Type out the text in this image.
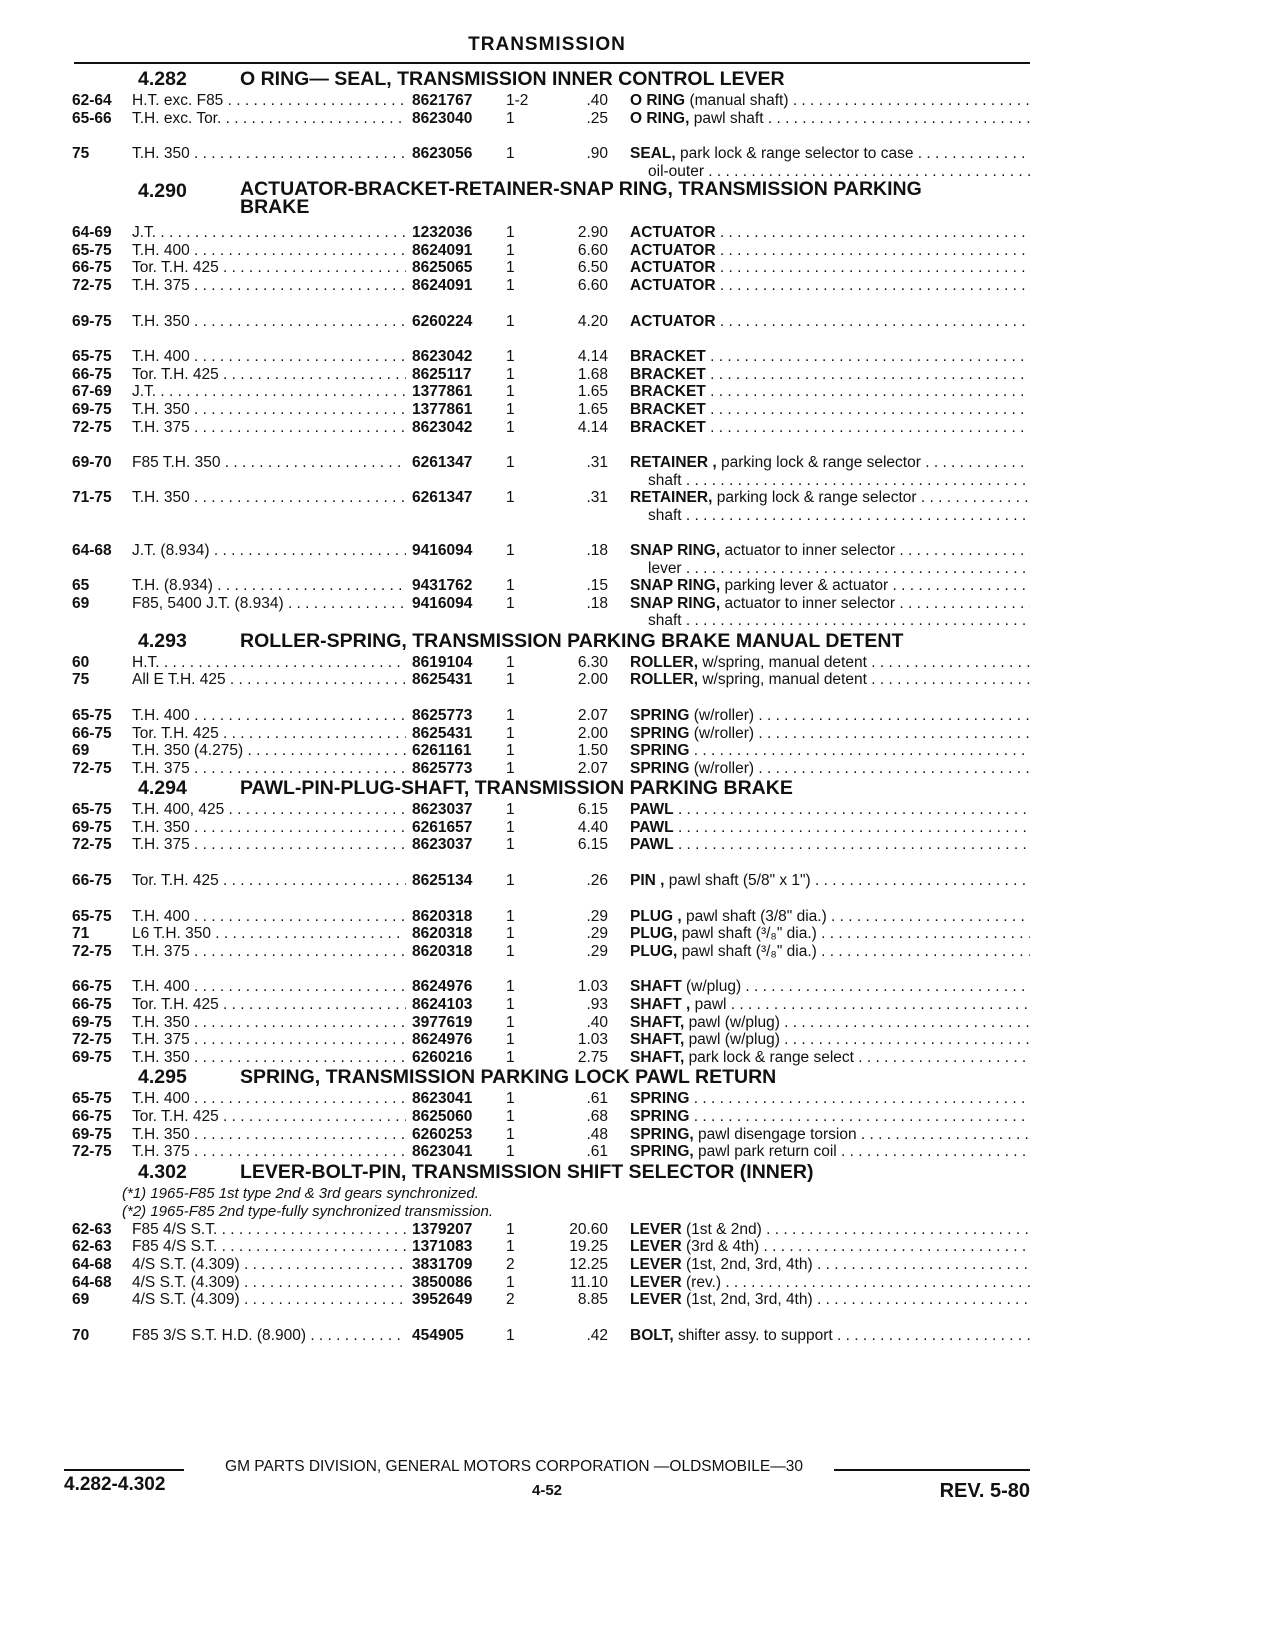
TRANSMISSION
4.282	O RING— SEAL, TRANSMISSION INNER CONTROL LEVER
62-64	H.T. exc. F85 . . .	8621767	1-2	.40 O RING (manual shaft) . . .
65-66	T.H. exc. Tor. . . .	8623040	1	.25 O RING, pawl shaft . . .
75	T.H. 350 . . .	8623056	1	.90 SEAL, park lock & range selector to case . . .
oil-outer . . .
4.290	ACTUATOR-BRACKET-RETAINER-SNAP RING, TRANSMISSION PARKING BRAKE
64-69	J.T. . . .	1232036	1	2.90 ACTUATOR . . .
65-75	T.H. 400 . . .	8624091	1	6.60 ACTUATOR . . .
66-75	Tor. T.H. 425 . . .	8625065	1	6.50 ACTUATOR . . .
72-75	T.H. 375 . . .	8624091	1	6.60 ACTUATOR . . .
69-75	T.H. 350 . . .	6260224	1	4.20 ACTUATOR . . .
65-75	T.H. 400 . . .	8623042	1	4.14 BRACKET . . .
66-75	Tor. T.H. 425 . . .	8625117	1	1.68 BRACKET . . .
67-69	J.T. . . .	1377861	1	1.65 BRACKET . . .
69-75	T.H. 350 . . .	1377861	1	1.65 BRACKET . . .
72-75	T.H. 375 . . .	8623042	1	4.14 BRACKET . . .
69-70	F85 T.H. 350 . . .	6261347	1	.31 RETAINER , parking lock & range selector . . .
shaft . . .
71-75	T.H. 350 . . .	6261347	1	.31 RETAINER, parking lock & range selector . . .
shaft . . .
64-68	J.T. (8.934) . . .	9416094	1	.18 SNAP RING, actuator to inner selector . . .
lever . . .
65	T.H. (8.934) . . .	9431762	1	.15 SNAP RING, parking lever & actuator . . .
69	F85, 5400 J.T. (8.934) . . .	9416094	1	.18 SNAP RING, actuator to inner selector . . .
shaft . . .
4.293	ROLLER-SPRING, TRANSMISSION PARKING BRAKE MANUAL DETENT
60	H.T. . . .	8619104	1	6.30 ROLLER, w/spring, manual detent . . .
75	All E T.H. 425 . . .	8625431	1	2.00 ROLLER, w/spring, manual detent . . .
65-75	T.H. 400 . . .	8625773	1	2.07 SPRING (w/roller) . . .
66-75	Tor. T.H. 425 . . .	8625431	1	2.00 SPRING (w/roller) . . .
69	T.H. 350 (4.275) . . .	6261161	1	1.50 SPRING . . .
72-75	T.H. 375 . . .	8625773	1	2.07 SPRING (w/roller) . . .
4.294	PAWL-PIN-PLUG-SHAFT, TRANSMISSION PARKING BRAKE
65-75	T.H. 400, 425 . . .	8623037	1	6.15 PAWL . . .
69-75	T.H. 350 . . .	6261657	1	4.40 PAWL . . .
72-75	T.H. 375 . . .	8623037	1	6.15 PAWL . . .
66-75	Tor. T.H. 425 . . .	8625134	1	.26 PIN , pawl shaft (5/8" x 1") . . .
65-75	T.H. 400 . . .	8620318	1	.29 PLUG , pawl shaft (3/8" dia.) . . .
71	L6 T.H. 350 . . .	8620318	1	.29 PLUG, pawl shaft (³/₈" dia.) . . .
72-75	T.H. 375 . . .	8620318	1	.29 PLUG, pawl shaft (³/₈" dia.) . . .
66-75	T.H. 400 . . .	8624976	1	1.03 SHAFT (w/plug) . . .
66-75	Tor. T.H. 425 . . .	8624103	1	.93 SHAFT , pawl . . .
69-75	T.H. 350 . . .	3977619	1	.40 SHAFT, pawl (w/plug) . . .
72-75	T.H. 375 . . .	8624976	1	1.03 SHAFT, pawl (w/plug) . . .
69-75	T.H. 350 . . .	6260216	1	2.75 SHAFT, park lock & range select . . .
4.295	SPRING, TRANSMISSION PARKING LOCK PAWL RETURN
65-75	T.H. 400 . . .	8623041	1	.61 SPRING . . .
66-75	Tor. T.H. 425 . . .	8625060	1	.68 SPRING . . .
69-75	T.H. 350 . . .	6260253	1	.48 SPRING, pawl disengage torsion . . .
72-75	T.H. 375 . . .	8623041	1	.61 SPRING, pawl park return coil . . .
4.302	LEVER-BOLT-PIN, TRANSMISSION SHIFT SELECTOR (INNER)
(*1) 1965-F85 1st type 2nd & 3rd gears synchronized.
(*2) 1965-F85 2nd type-fully synchronized transmission.
62-63	F85 4/S S.T. . . .	1379207	1	20.60 LEVER (1st & 2nd) . . .
62-63	F85 4/S S.T. . . .	1371083	1	19.25 LEVER (3rd & 4th) . . .
64-68	4/S S.T. (4.309) . . .	3831709	2	12.25 LEVER (1st, 2nd, 3rd, 4th) . . .
64-68	4/S S.T. (4.309) . . .	3850086	1	11.10 LEVER (rev.) . . .
69	4/S S.T. (4.309) . . .	3952649	2	8.85 LEVER (1st, 2nd, 3rd, 4th) . . .
70	F85 3/S S.T. H.D. (8.900) . . .	454905	1	.42 BOLT, shifter assy. to support . . .
GM PARTS DIVISION, GENERAL MOTORS CORPORATION —OLDSMOBILE—30
4.282-4.302	4-52	REV. 5-80
